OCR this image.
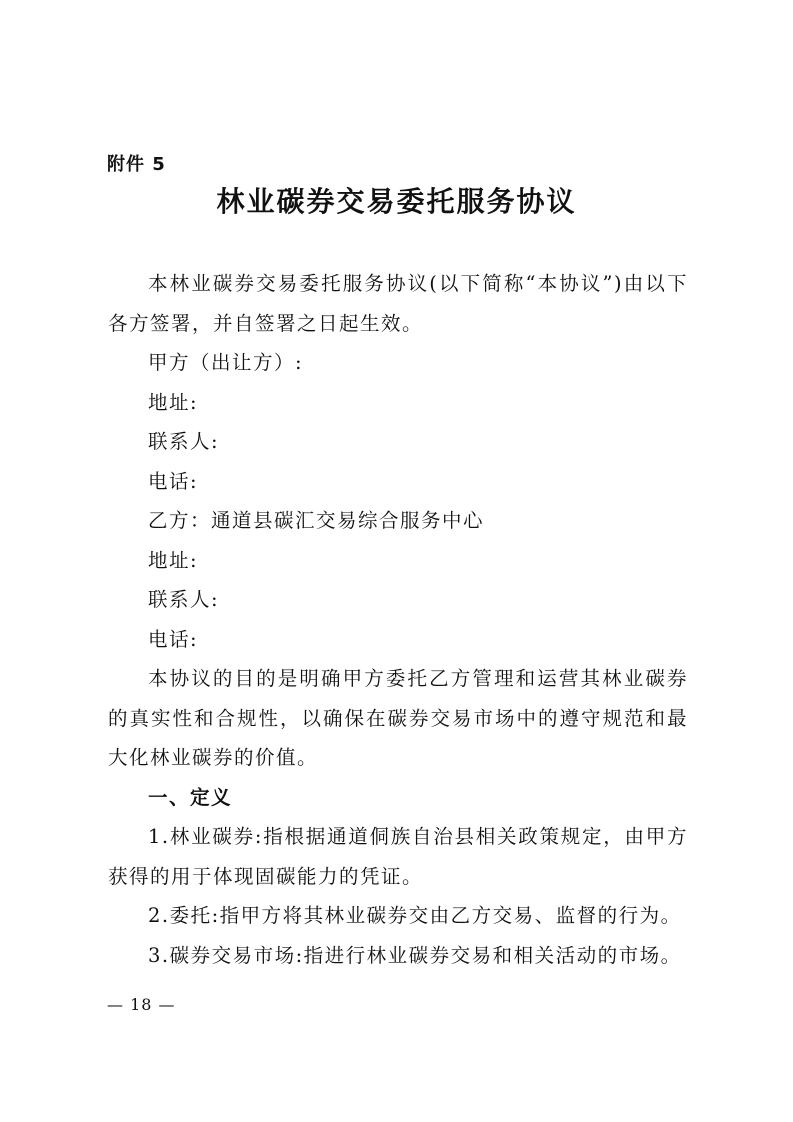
附件 5
林业碳券交易委托服务协议

本林业碳券交易委托服务协议(以下简称“本协议”)由以下各方签署，并自签署之日起生效。

甲方（出让方）:

地址:

联系人:

电话:

乙方：通道县碳汇交易综合服务中心

地址:

联系人:

电话:

本协议的目的是明确甲方委托乙方管理和运营其林业碳券的真实性和合规性，以确保在碳券交易市场中的遵守规范和最大化林业碳券的价值。

一、定义

1.林业碳券:指根据通道侗族自治县相关政策规定，由甲方获得的用于体现固碳能力的凭证。

2.委托:指甲方将其林业碳券交由乙方交易、监督的行为。

3.碳券交易市场:指进行林业碳券交易和相关活动的市场。

— 18 —
